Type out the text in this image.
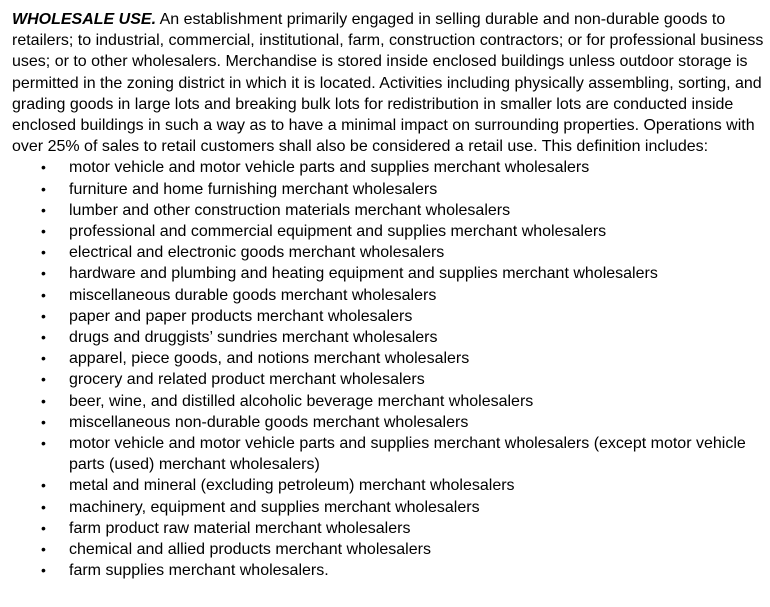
WHOLESALE USE. An establishment primarily engaged in selling durable and non-durable goods to retailers; to industrial, commercial, institutional, farm, construction contractors; or for professional business uses; or to other wholesalers. Merchandise is stored inside enclosed buildings unless outdoor storage is permitted in the zoning district in which it is located. Activities including physically assembling, sorting, and grading goods in large lots and breaking bulk lots for redistribution in smaller lots are conducted inside enclosed buildings in such a way as to have a minimal impact on surrounding properties. Operations with over 25% of sales to retail customers shall also be considered a retail use. This definition includes:

• motor vehicle and motor vehicle parts and supplies merchant wholesalers
• furniture and home furnishing merchant wholesalers
• lumber and other construction materials merchant wholesalers
• professional and commercial equipment and supplies merchant wholesalers
• electrical and electronic goods merchant wholesalers
• hardware and plumbing and heating equipment and supplies merchant wholesalers
• miscellaneous durable goods merchant wholesalers
• paper and paper products merchant wholesalers
• drugs and druggists’ sundries merchant wholesalers
• apparel, piece goods, and notions merchant wholesalers
• grocery and related product merchant wholesalers
• beer, wine, and distilled alcoholic beverage merchant wholesalers
• miscellaneous non-durable goods merchant wholesalers
• motor vehicle and motor vehicle parts and supplies merchant wholesalers (except motor vehicle parts (used) merchant wholesalers)
• metal and mineral (excluding petroleum) merchant wholesalers
• machinery, equipment and supplies merchant wholesalers
• farm product raw material merchant wholesalers
• chemical and allied products merchant wholesalers
• farm supplies merchant wholesalers.
